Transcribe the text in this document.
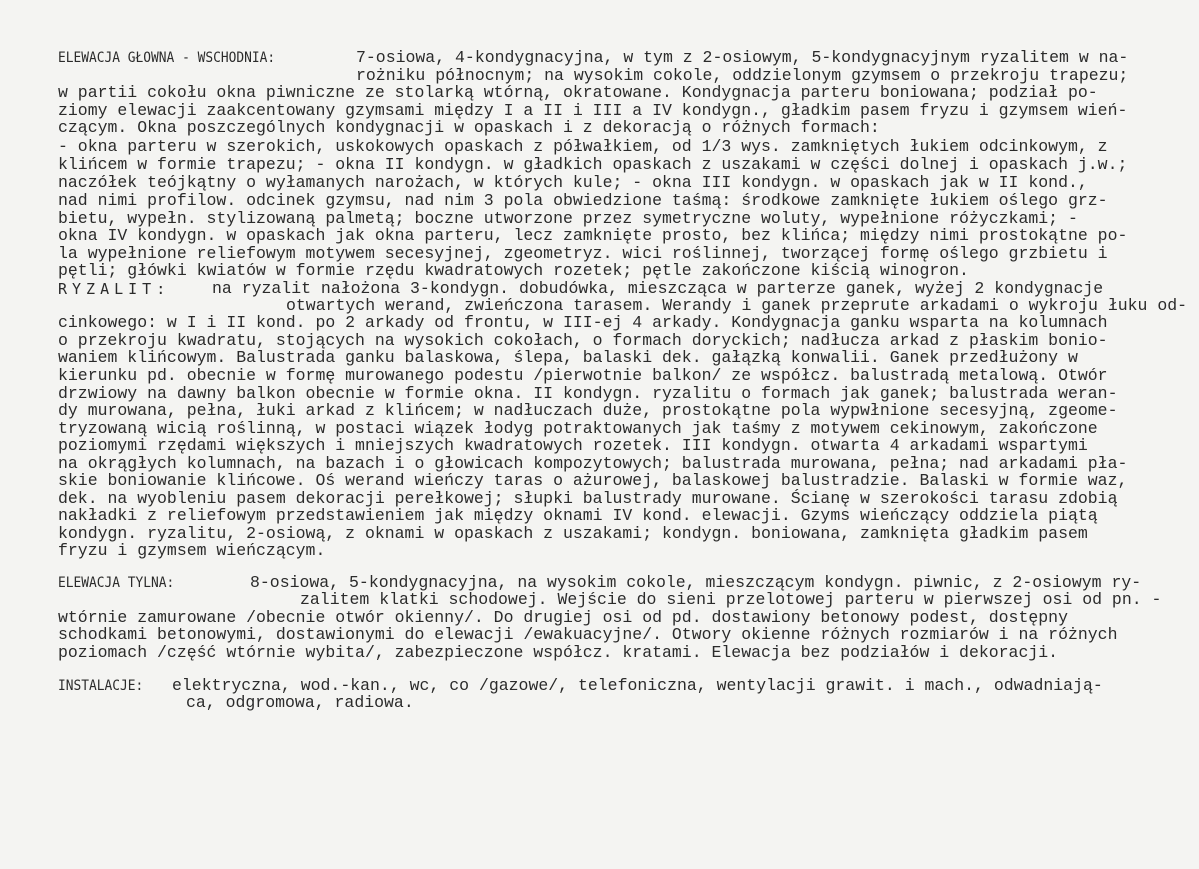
ELEWACJA GŁOWNA - WSCHODNIA:	7-osiowa, 4-kondygnacyjna, w tym z 2-osiowym, 5-kondygnacyjnym ryzalitem w na-
rożniku północnym; na wysokim cokole, oddzielonym gzymsem o przekroju trapezu;
w partii cokołu okna piwniczne ze stolarką wtórną, okratowane. Kondygnacja parteru boniowana; podział po-
ziomy elewacji zaakcentowany gzymsami między I a II i III a IV kondygn., gładkim pasem fryzu i gzymsem wień-
czącym. Okna poszczególnych kondygnacji w opaskach i z dekoracją o różnych formach:
- okna parteru w szerokich, uskokowych opaskach z półwałkiem, od 1/3 wys. zamkniętych łukiem odcinkowym, z
klińcem w formie trapezu; - okna II kondygn. w gładkich opaskach z uszakami w części dolnej i opaskach j.w.;
naczółek teójkątny o wyłamanych narożach, w których kule; - okna III kondygn. w opaskach jak w II kond.,
nad nimi profilow. odcinek gzymsu, nad nim 3 pola obwiedzione taśmą: środkowe zamknięte łukiem oślego grz-
bietu, wypełn. stylizowaną palmetą; boczne utworzone przez symetryczne woluty, wypełnione różyczkami; -
okna IV kondygn. w opaskach jak okna parteru, lecz zamknięte prosto, bez klińca; między nimi prostokątne po-
la wypełnione reliefowym motywem secesyjnej, zgeometryz. wici roślinnej, tworzącej formę oślego grzbietu i
pętli; główki kwiatów w formie rzędu kwadratowych rozetek; pętle zakończone kiścią winogron.
RYZALIT:	na ryzalit nałożona 3-kondygn. dobudówka, mieszcząca w parterze ganek, wyżej 2 kondygnacje
otwartych werand, zwieńczona tarasem. Werandy i ganek przeprute arkadami o wykroju łuku od-
cinkowego: w I i II kond. po 2 arkady od frontu, w III-ej 4 arkady. Kondygnacja ganku wsparta na kolumnach
o przekroju kwadratu, stojących na wysokich cokołach, o formach doryckich; nadłucza arkad z płaskim bonio-
waniem klińcowym. Balustrada ganku balaskowa, ślepa, balaski dek. gałązką konwalii. Ganek przedłużony w
kierunku pd. obecnie w formę murowanego podestu /pierwotnie balkon/ ze współcz. balustradą metalową. Otwór
drzwiowy na dawny balkon obecnie w formie okna. II kondygn. ryzalitu o formach jak ganek; balustrada weran-
dy murowana, pełna, łuki arkad z klińcem; w nadłuczach duże, prostokątne pola wypwłnione secesyjną, zgeome-
tryzowaną wicią roślinną, w postaci wiązek łodyg potraktowanych jak taśmy z motywem cekinowym, zakończone
poziomymi rzędami większych i mniejszych kwadratowych rozetek. III kondygn. otwarta 4 arkadami wspartymi
na okrągłych kolumnach, na bazach i o głowicach kompozytowych; balustrada murowana, pełna; nad arkadami pła-
skie boniowanie klińcowe. Oś werand wieńczy taras o ażurowej, balaskowej balustradzie. Balaski w formie waz,
dek. na wyobleniu pasem dekoracji perełkowej; słupki balustrady murowane. Ścianę w szerokości tarasu zdobią
nakładki z reliefowym przedstawieniem jak między oknami IV kond. elewacji. Gzyms wieńczący oddziela piątą
kondygn. ryzalitu, 2-osiową, z oknami w opaskach z uszakami; kondygn. boniowana, zamknięta gładkim pasem
fryzu i gzymsem wieńczącym.
ELEWACJA TYLNA:	8-osiowa, 5-kondygnacyjna, na wysokim cokole, mieszczącym kondygn. piwnic, z 2-osiowym ry-
zalitem klatki schodowej. Wejście do sieni przelotowej parteru w pierwszej osi od pn. -
wtórnie zamurowane /obecnie otwór okienny/. Do drugiej osi od pd. dostawiony betonowy podest, dostępny
schodkami betonowymi, dostawionymi do elewacji /ewakuacyjne/. Otwory okienne różnych rozmiarów i na różnych
poziomach /część wtórnie wybita/, zabezpieczone współcz. kratami. Elewacja bez podziałów i dekoracji.
INSTALACJE: elektryczna, wod.-kan., wc, co /gazowe/, telefoniczna, wentylacji grawit. i mach., odwadniają-
ca, odgromowa, radiowa.
